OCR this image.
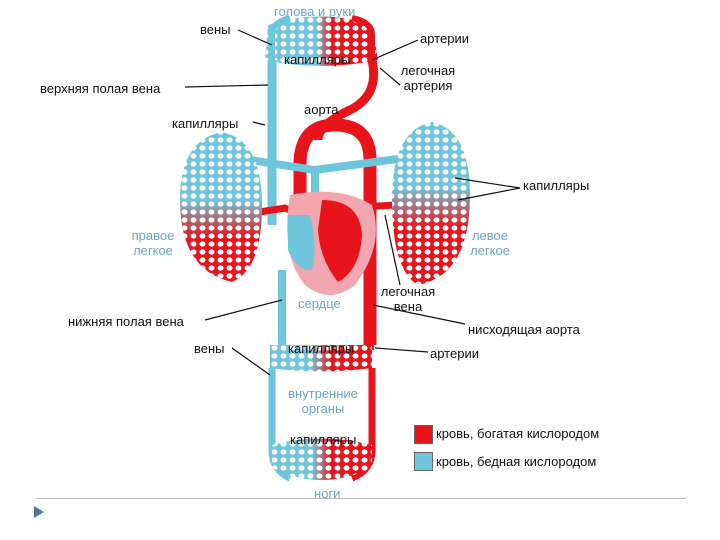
голова и руки
вены
артерии
капилляры
легочная артерия
верхняя полая вена
аорта
капилляры
капилляры
правое легкое
левое легкое
сердце
легочная вена
нижняя полая вена
нисходящая аорта
вены	капилляры	артерии
внутренние органы
капилляры
ноги
кровь, богатая кислородом
кровь, бедная кислородом
